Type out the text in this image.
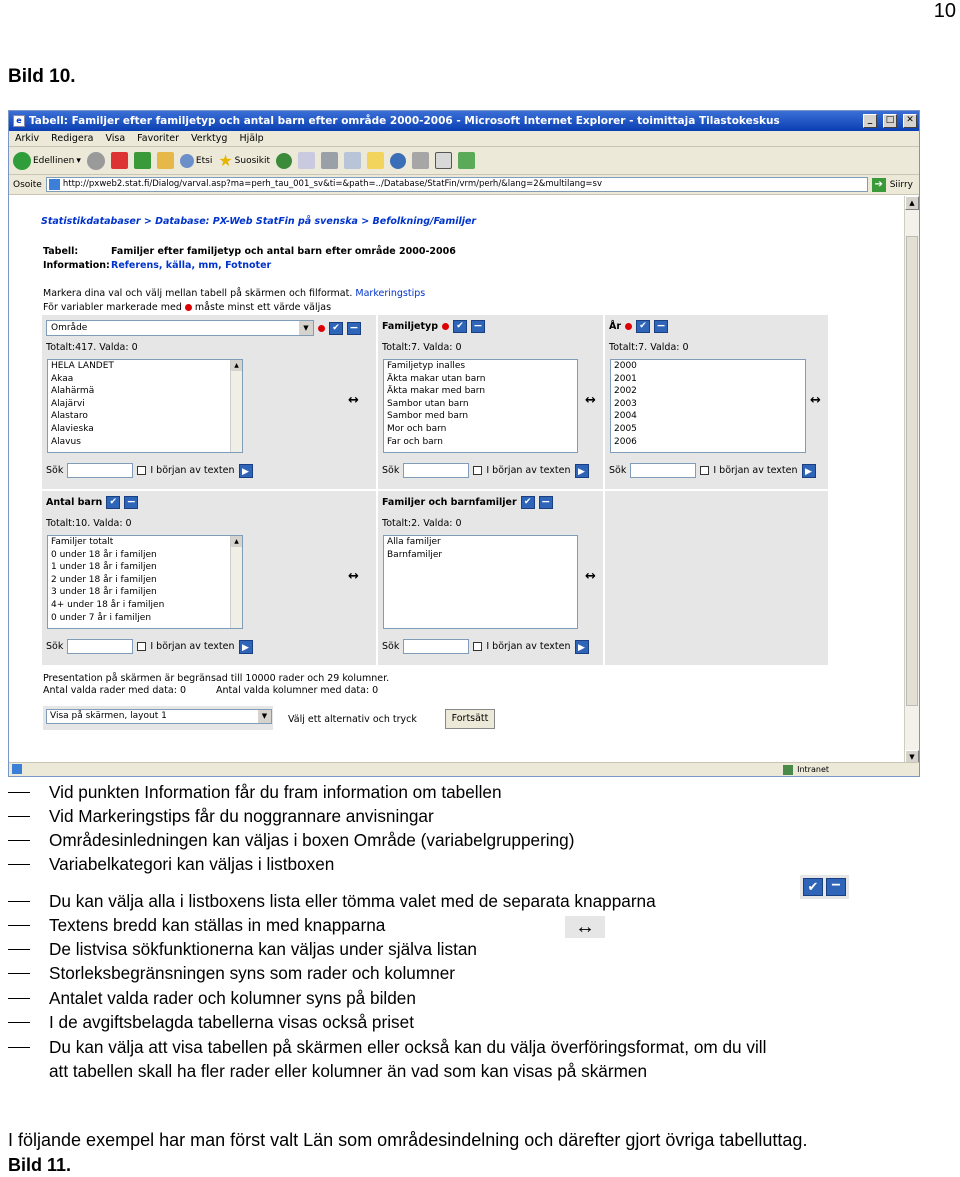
10
Bild 10.
e Tabell: Familjer efter familjetyp och antal barn efter område 2000-2006 - Microsoft Internet Explorer - toimittaja Tilastokeskus	_	□	✕
Arkiv Redigera Visa Favoriter Verktyg Hjälp
Edellinen ▾	Etsi ★ Suosikit
Osoite	http://pxweb2.stat.fi/Dialog/varval.asp?ma=perh_tau_001_sv&ti=&path=../Database/StatFin/vrm/perh/&lang=2&multilang=sv	➔ Siirry
Statistikdatabaser > Database: PX-Web StatFin på svenska > Befolkning/Familjer
Tabell:	Familjer efter familjetyp och antal barn efter område 2000-2006
Information:Referens, källa, mm, Fotnoter
Markera dina val och välj mellan tabell på skärmen och filformat. Markeringstips
För variabler markerade med måste minst ett värde väljas
Område	▼	✔ −
Totalt:417. Valda: 0
HELA LANDET
Akaa
Alahärmä
Alajärvi
Alastaro
Alavieska
Alavus
▲
↔
Sök	I början av texten ▶
Familjetyp	✔ −
Totalt:7. Valda: 0
Familjetyp inalles
Äkta makar utan barn
Äkta makar med barn
Sambor utan barn
Sambor med barn
Mor och barn
Far och barn
↔
Sök	I början av texten ▶
År	✔ −
Totalt:7. Valda: 0
2000
2001
2002
2003
2004
2005
2006
↔
Sök	I början av texten ▶
Antal barn ✔ −
Totalt:10. Valda: 0
Familjer totalt
0 under 18 år i familjen
1 under 18 år i familjen
2 under 18 år i familjen
3 under 18 år i familjen
4+ under 18 år i familjen
0 under 7 år i familjen
▲
↔
Sök	I början av texten ▶
Familjer och barnfamiljer ✔ −
Totalt:2. Valda: 0
Alla familjer
Barnfamiljer
↔
Sök	I början av texten ▶
Presentation på skärmen är begränsad till 10000 rader och 29 kolumner.
Antal valda rader med data: 0	Antal valda kolumner med data: 0
Visa på skärmen, layout 1	▼	Välj ett alternativ och tryck	Fortsätt
▲
▼
Intranet
Vid punkten Information får du fram information om tabellen
Vid Markeringstips får du noggrannare anvisningar
Områdesinledningen kan väljas i boxen Område (variabelgruppering)
Variabelkategori kan väljas i listboxen
Du kan välja alla i listboxens lista eller tömma valet med de separata knapparna
✔ −
Textens bredd kan ställas in med knapparna	↔
De listvisa sökfunktionerna kan väljas under själva listan
Storleksbegränsningen syns som rader och kolumner
Antalet valda rader och kolumner syns på bilden
I de avgiftsbelagda tabellerna visas också priset
Du kan välja att visa tabellen på skärmen eller också kan du välja överföringsformat, om du vill
att tabellen skall ha fler rader eller kolumner än vad som kan visas på skärmen
I följande exempel har man först valt Län som områdesindelning och därefter gjort övriga tabelluttag.
Bild 11.
